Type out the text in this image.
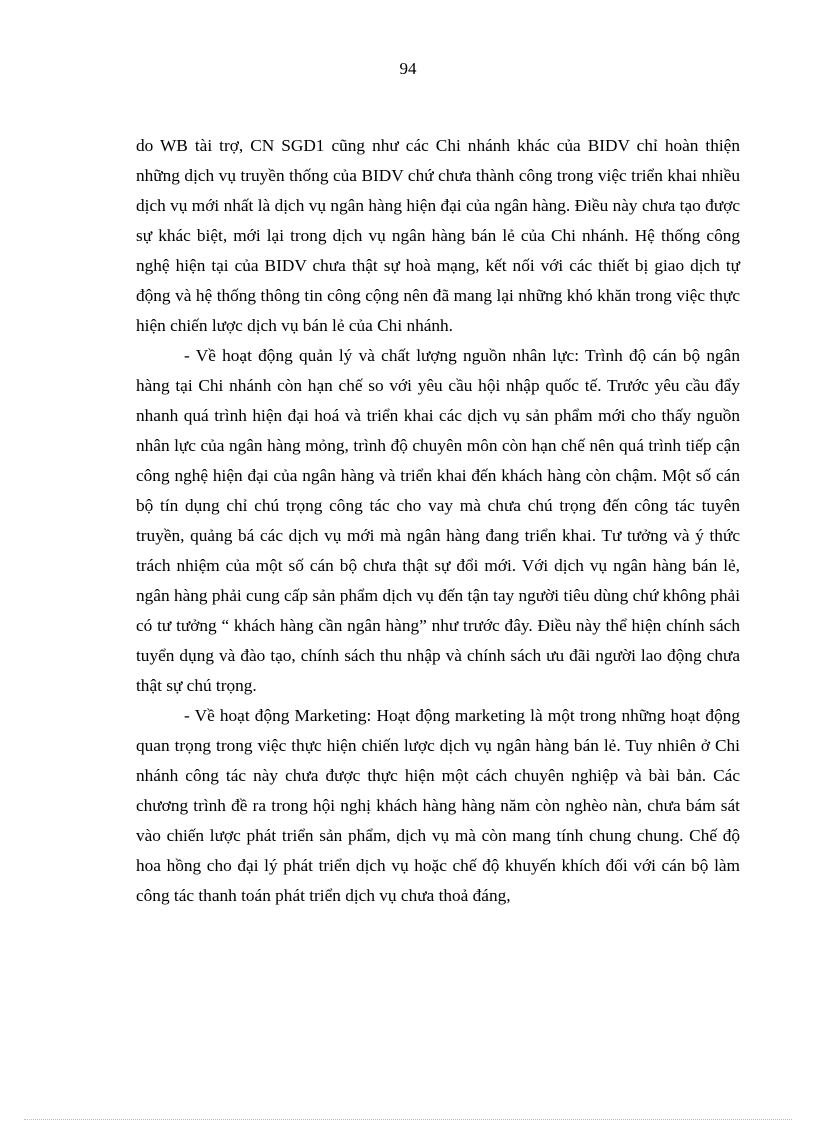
94

do WB tài trợ, CN SGD1 cũng như các Chi nhánh khác của BIDV chỉ hoàn thiện những dịch vụ truyền thống của BIDV chứ chưa thành công trong việc triển khai nhiều dịch vụ mới nhất là dịch vụ ngân hàng hiện đại của ngân hàng. Điều này chưa tạo được sự khác biệt, mới lại trong dịch vụ ngân hàng bán lẻ của Chi nhánh. Hệ thống công nghệ hiện tại của BIDV chưa thật sự hoà mạng, kết nối với các thiết bị giao dịch tự động và hệ thống thông tin công cộng nên đã mang lại những khó khăn trong việc thực hiện chiến lược dịch vụ bán lẻ của Chi nhánh.

- Về hoạt động quản lý và chất lượng nguồn nhân lực: Trình độ cán bộ ngân hàng tại Chi nhánh còn hạn chế so với yêu cầu hội nhập quốc tế. Trước yêu cầu đẩy nhanh quá trình hiện đại hoá và triển khai các dịch vụ sản phẩm mới cho thấy nguồn nhân lực của ngân hàng mỏng, trình độ chuyên môn còn hạn chế nên quá trình tiếp cận công nghệ hiện đại của ngân hàng và triển khai đến khách hàng còn chậm. Một số cán bộ tín dụng chỉ chú trọng công tác cho vay mà chưa chú trọng đến công tác tuyên truyền, quảng bá các dịch vụ mới mà ngân hàng đang triển khai. Tư tưởng và ý thức trách nhiệm của một số cán bộ chưa thật sự đổi mới. Với dịch vụ ngân hàng bán lẻ, ngân hàng phải cung cấp sản phẩm dịch vụ đến tận tay người tiêu dùng chứ không phải có tư tưởng “ khách hàng cần ngân hàng” như trước đây. Điều này thể hiện chính sách tuyển dụng và đào tạo, chính sách thu nhập và chính sách ưu đãi người lao động chưa thật sự chú trọng.

- Về hoạt động Marketing: Hoạt động marketing là một trong những hoạt động quan trọng trong việc thực hiện chiến lược dịch vụ ngân hàng bán lẻ. Tuy nhiên ở Chi nhánh công tác này chưa được thực hiện một cách chuyên nghiệp và bài bản. Các chương trình đề ra trong hội nghị khách hàng hàng năm còn nghèo nàn, chưa bám sát vào chiến lược phát triển sản phẩm, dịch vụ mà còn mang tính chung chung. Chế độ hoa hồng cho đại lý phát triển dịch vụ hoặc chế độ khuyến khích đối với cán bộ làm công tác thanh toán phát triển dịch vụ chưa thoả đáng,
